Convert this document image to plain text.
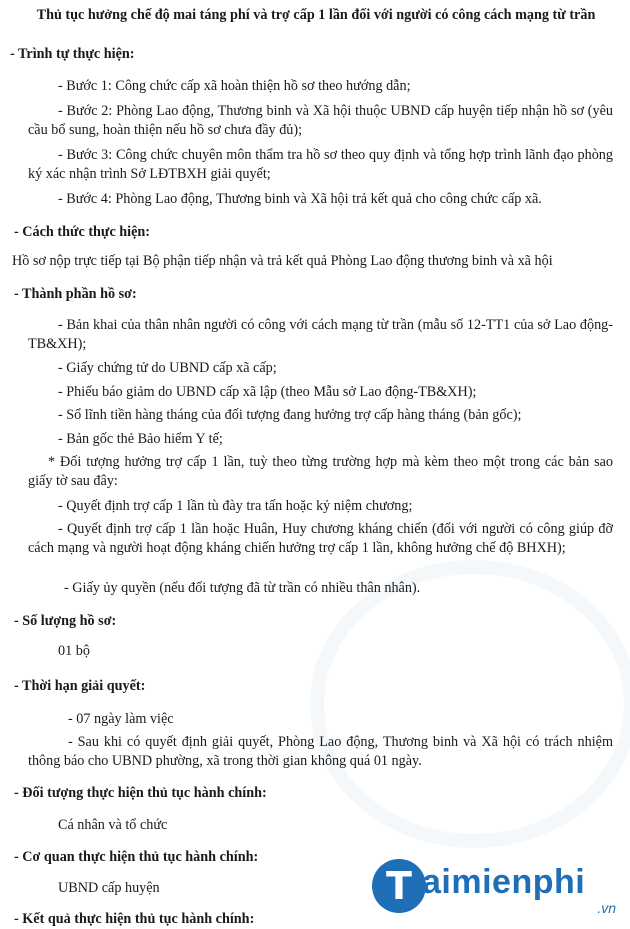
Thủ tục hưởng chế độ mai táng phí và trợ cấp 1 lần đối với người có công cách mạng từ trần
- Trình tự thực hiện:
- Bước 1: Công chức cấp xã hoàn thiện hồ sơ theo hướng dẫn;
- Bước 2: Phòng Lao động, Thương binh và Xã hội thuộc UBND cấp huyện tiếp nhận hồ sơ (yêu cầu bổ sung, hoàn thiện nếu hồ sơ chưa đầy đủ);
- Bước 3: Công chức chuyên môn thẩm tra hồ sơ theo quy định và tổng hợp trình lãnh đạo phòng ký xác nhận trình Sở LĐTBXH giải quyết;
- Bước 4: Phòng Lao động, Thương binh và Xã hội trả kết quả cho công chức cấp xã.
- Cách thức thực hiện:
Hồ sơ nộp trực tiếp tại Bộ phận tiếp nhận và trả kết quả Phòng Lao động thương binh và xã hội
- Thành phần hồ sơ:
- Bản khai của thân nhân người có công với cách mạng từ trần (mẫu số 12-TT1 của sở Lao động-TB&XH);
- Giấy chứng tử do UBND cấp xã cấp;
- Phiếu báo giảm do UBND cấp xã lập (theo Mẫu sở Lao động-TB&XH);
- Sổ lĩnh tiền hàng tháng của đối tượng đang hưởng trợ cấp hàng tháng (bản gốc);
- Bản gốc thẻ Bảo hiểm Y tế;
* Đối tượng hưởng trợ cấp 1 lần, tuỳ theo từng trường hợp mà kèm theo một trong các bản sao giấy tờ sau đây:
- Quyết định trợ cấp 1 lần tù đày tra tấn hoặc kỷ niệm chương;
- Quyết định trợ cấp 1 lần hoặc Huân, Huy chương kháng chiến (đối với người có công giúp đỡ cách mạng và người hoạt động kháng chiến hưởng trợ cấp 1 lần, không hưởng chế độ BHXH);
- Giấy ủy quyền (nếu đối tượng đã từ trần có nhiều thân nhân).
- Số lượng hồ sơ:
01 bộ
- Thời hạn giải quyết:
- 07 ngày làm việc
- Sau khi có quyết định giải quyết, Phòng Lao động, Thương binh và Xã hội có trách nhiệm thông báo cho UBND phường, xã trong thời gian không quá 01 ngày.
- Đối tượng thực hiện thủ tục hành chính:
Cá nhân và tổ chức
- Cơ quan thực hiện thủ tục hành chính:
UBND cấp huyện
- Kết quả thực hiện thủ tục hành chính:
T aimienphi
.vn
